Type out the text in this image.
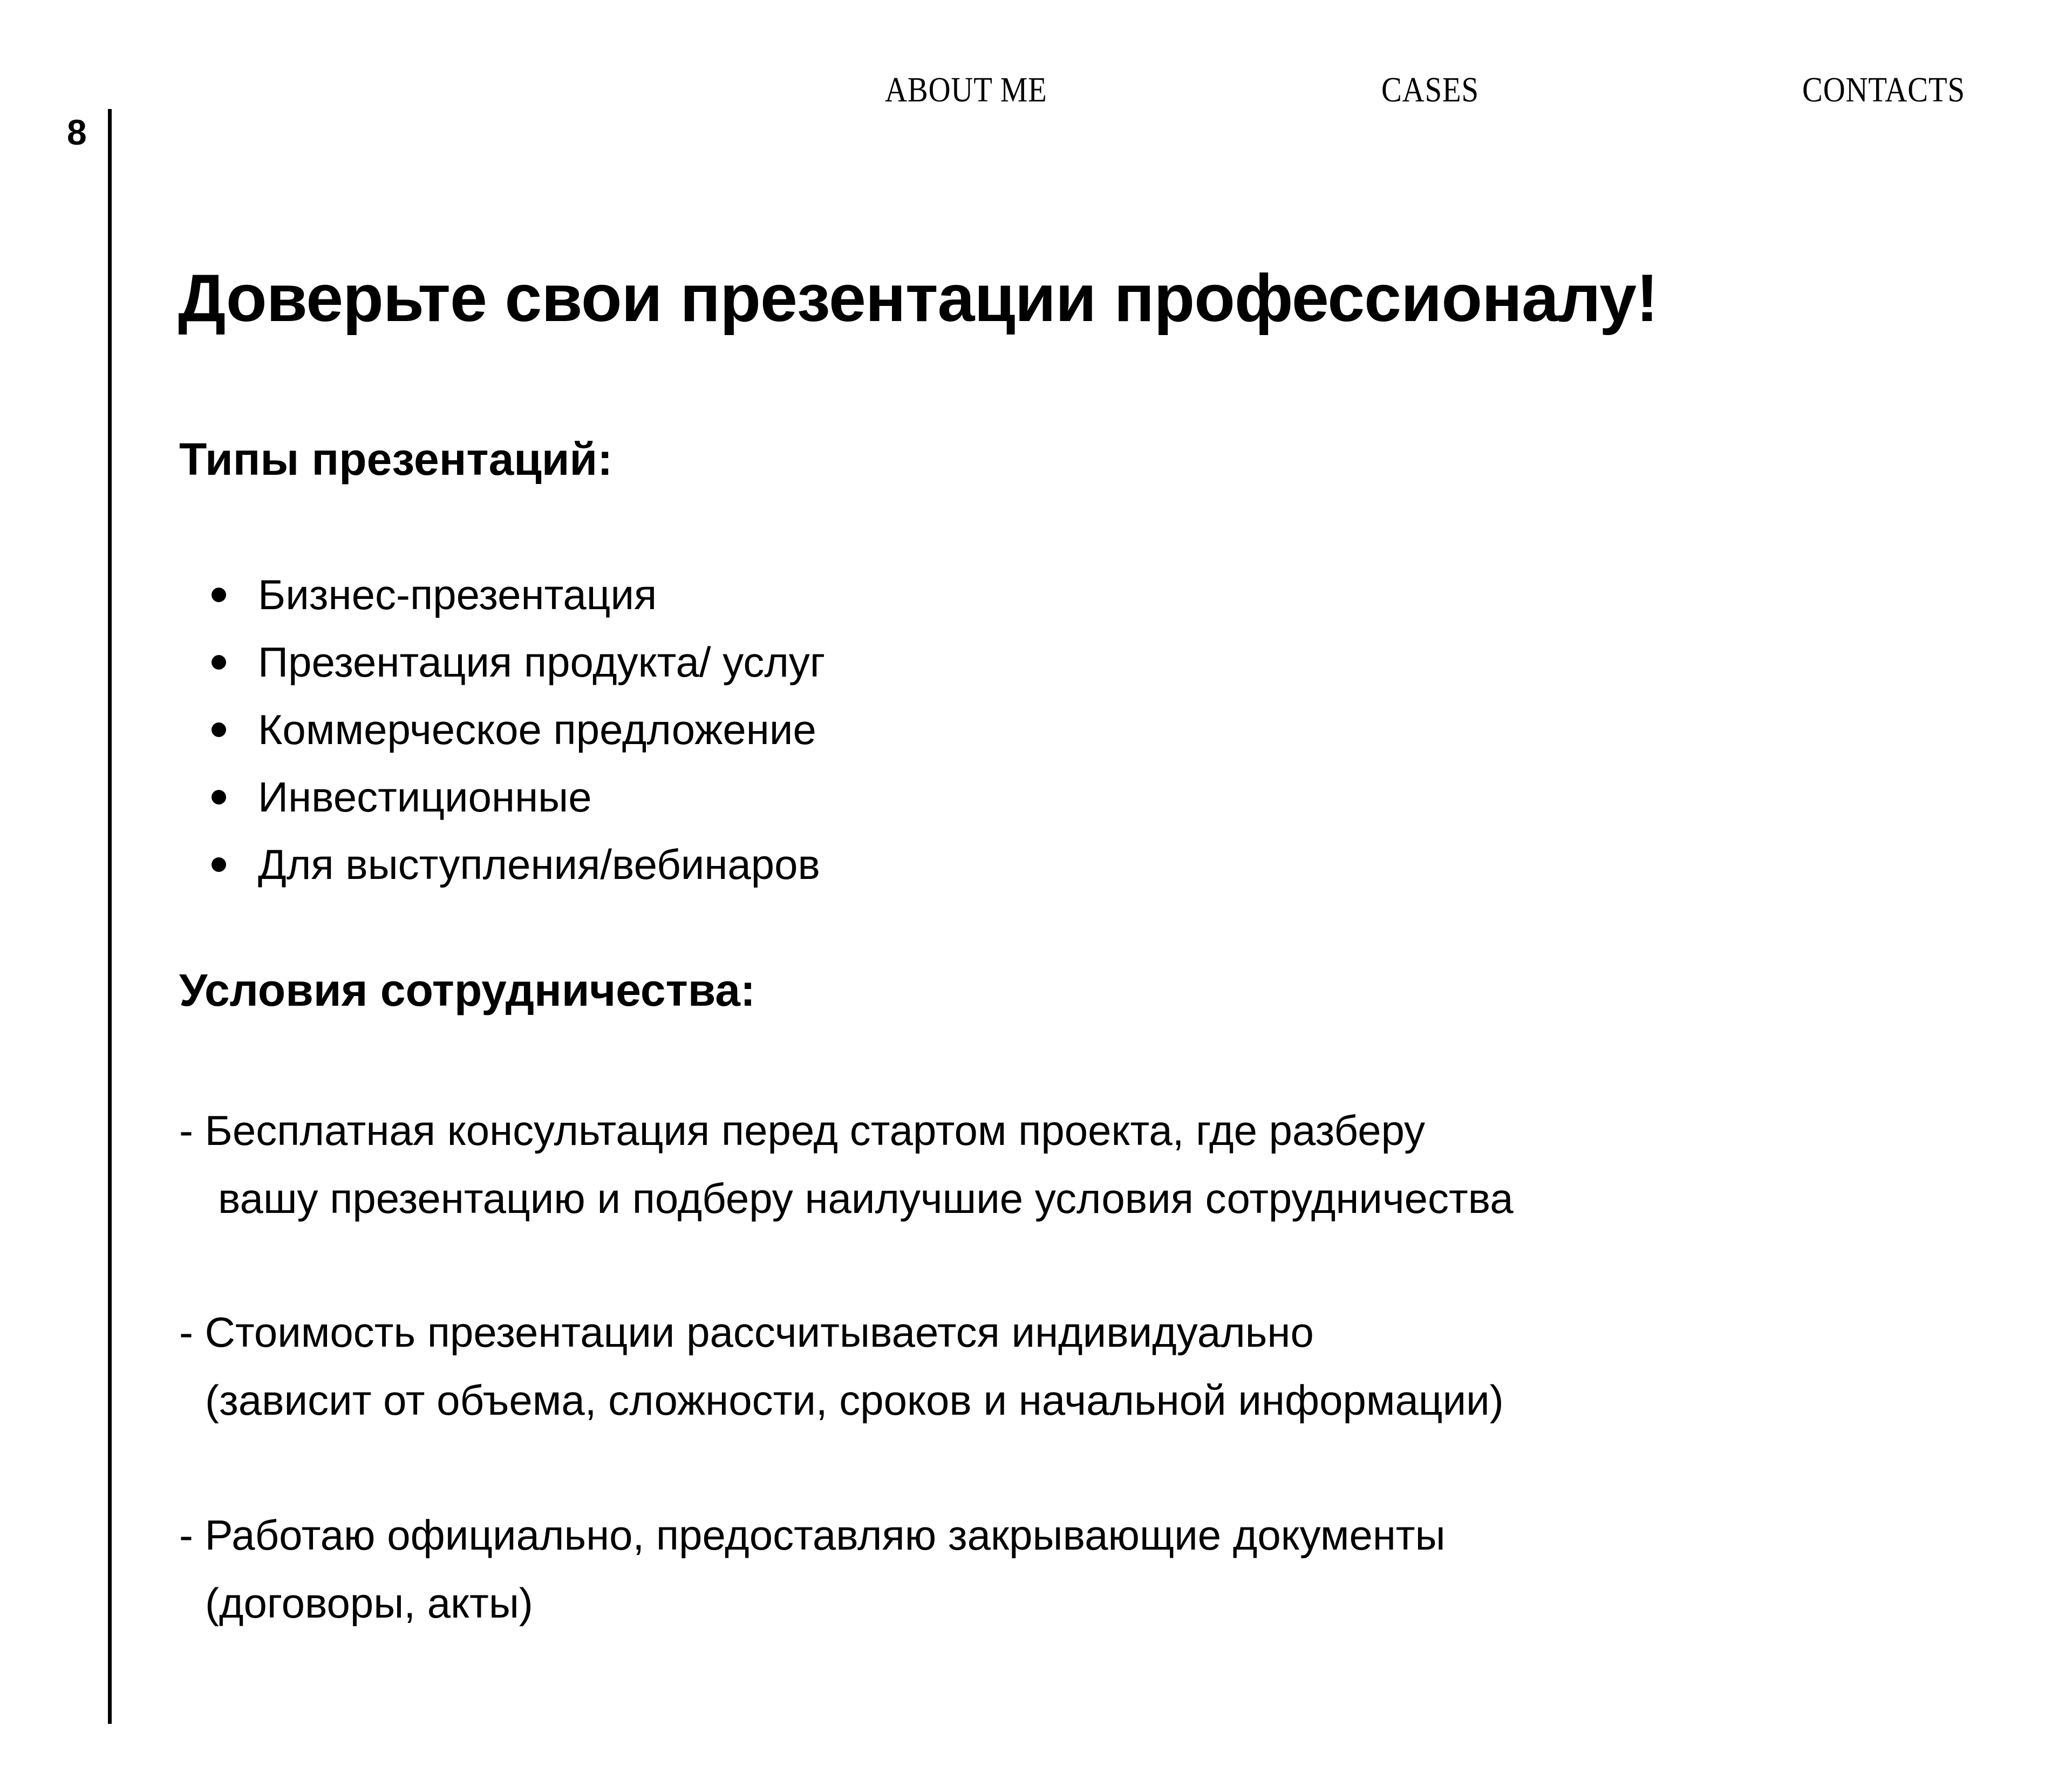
8
ABOUT ME	CASES	CONTACTS
Доверьте свои презентации профессионалу!
Типы презентаций:
Бизнес-презентация
Презентация продукта/ услуг
Коммерческое предложение
Инвестиционные
Для выступления/вебинаров
Условия сотрудничества:
- Бесплатная консультация перед стартом проекта, где разберу
вашу презентацию и подберу наилучшие условия сотрудничества
- Стоимость презентации рассчитывается индивидуально
(зависит от объема, сложности, сроков и начальной информации)
- Работаю официально, предоставляю закрывающие документы
(договоры, акты)
